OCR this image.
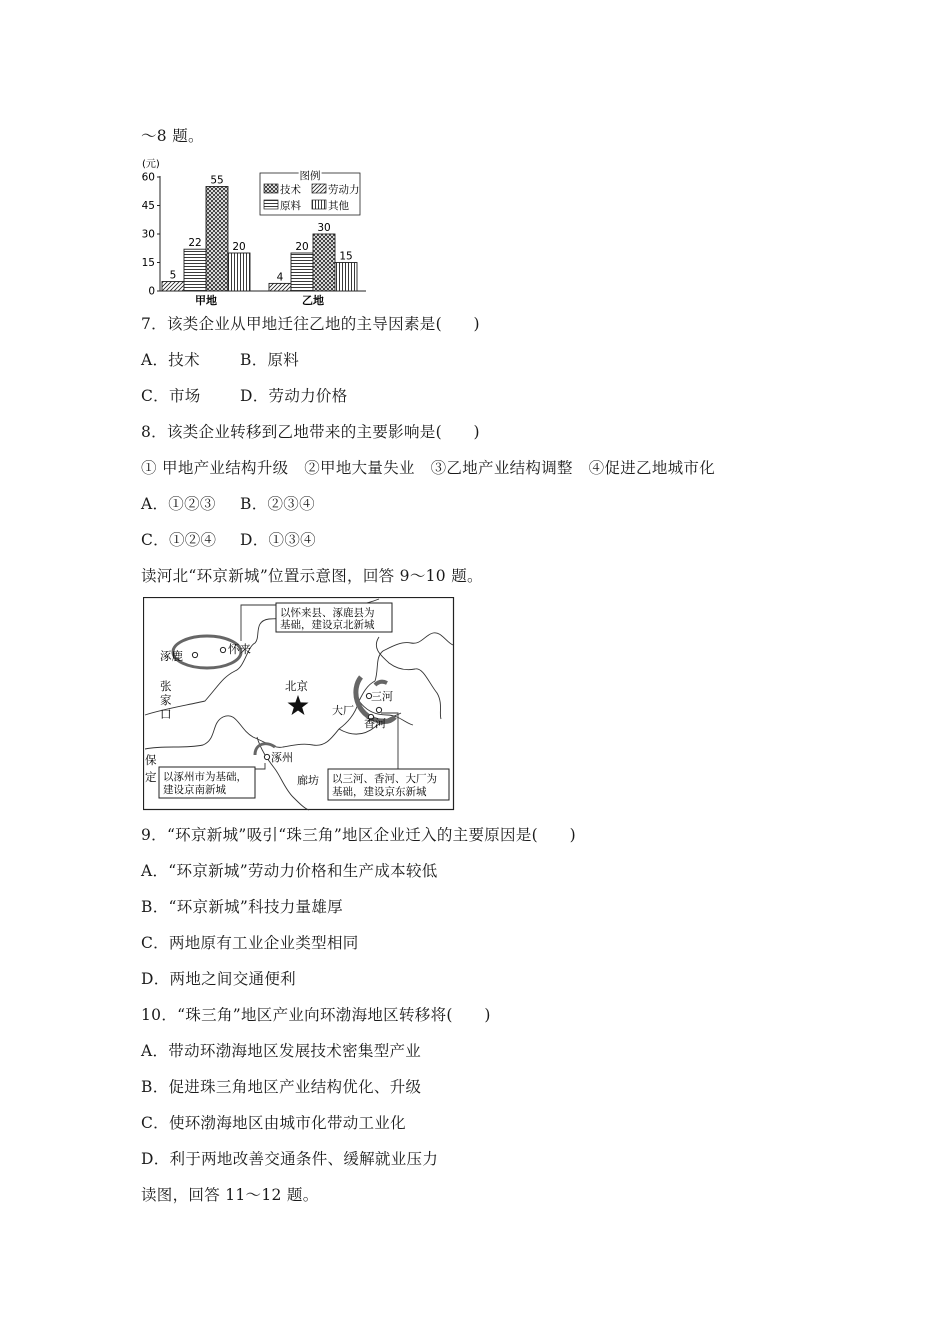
～8 题。
(元)
0
15
30
45
60
5
22
55
20
4
20
30
15
甲地	乙地
图例
技术	劳动力
原料	其他
7．该类企业从甲地迁往乙地的主导因素是(　　)
A．技术	B．原料
C．市场	D．劳动力价格
8．该类企业转移到乙地带来的主要影响是(　　)
① 甲地产业结构升级　②甲地大量失业　③乙地产业结构调整　④促进乙地城市化
A．①②③ B．②③④
C．①②④ D．①③④
读河北“环京新城”位置示意图，回答 9～10 题。
涿鹿	怀来
以怀来县、涿鹿县为
基础，建设京北新城
张
家
口
北京
三河
大厂
香河
以三河、香河、大厂为
基础，建设京东新城
涿州
以涿州市为基础，
建设京南新城
保
定	廊坊
9．“环京新城”吸引“珠三角”地区企业迁入的主要原因是(　　)
A．“环京新城”劳动力价格和生产成本较低
B．“环京新城”科技力量雄厚
C．两地原有工业企业类型相同
D．两地之间交通便利
10．“珠三角”地区产业向环渤海地区转移将(　　)
A．带动环渤海地区发展技术密集型产业
B．促进珠三角地区产业结构优化、升级
C．使环渤海地区由城市化带动工业化
D．利于两地改善交通条件、缓解就业压力
读图，回答 11～12 题。
